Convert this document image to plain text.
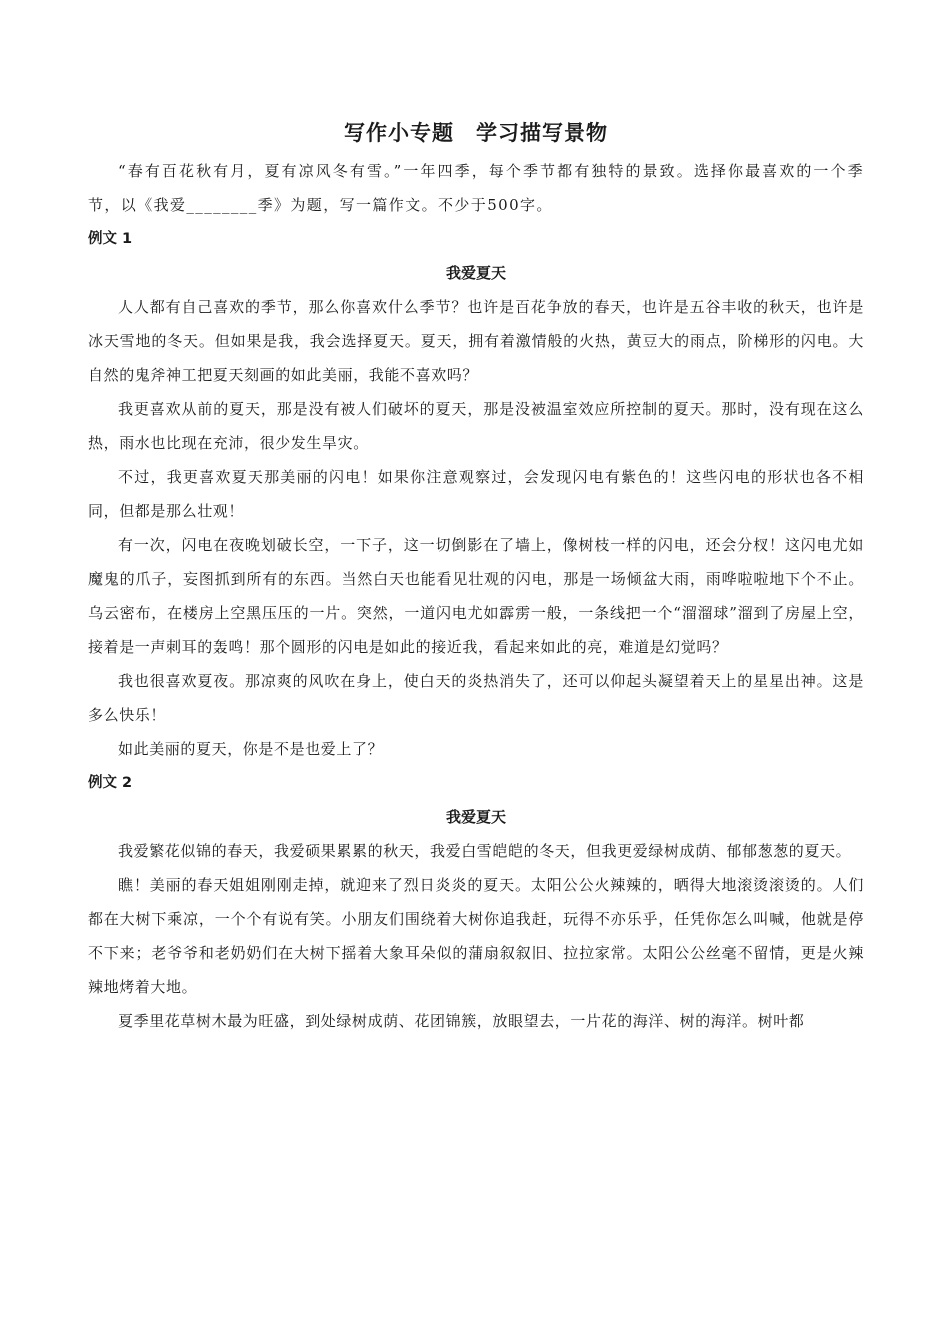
写作小专题　学习描写景物

“春有百花秋有月，夏有凉风冬有雪。”一年四季，每个季节都有独特的景致。选择你最喜欢的一个季节，以《我爱________季》为题，写一篇作文。不少于500字。

例文 1

我爱夏天

人人都有自己喜欢的季节，那么你喜欢什么季节？也许是百花争放的春天，也许是五谷丰收的秋天，也许是冰天雪地的冬天。但如果是我，我会选择夏天。夏天，拥有着激情般的火热，黄豆大的雨点，阶梯形的闪电。大自然的鬼斧神工把夏天刻画的如此美丽，我能不喜欢吗？

我更喜欢从前的夏天，那是没有被人们破坏的夏天，那是没被温室效应所控制的夏天。那时，没有现在这么热，雨水也比现在充沛，很少发生旱灾。

不过，我更喜欢夏天那美丽的闪电！如果你注意观察过，会发现闪电有紫色的！这些闪电的形状也各不相同，但都是那么壮观！

有一次，闪电在夜晚划破长空，一下子，这一切倒影在了墙上，像树枝一样的闪电，还会分杈！这闪电尤如魔鬼的爪子，妄图抓到所有的东西。当然白天也能看见壮观的闪电，那是一场倾盆大雨，雨哗啦啦地下个不止。乌云密布，在楼房上空黑压压的一片。突然，一道闪电尤如霹雳一般，一条线把一个“溜溜球”溜到了房屋上空，接着是一声刺耳的轰鸣！那个圆形的闪电是如此的接近我，看起来如此的亮，难道是幻觉吗？

我也很喜欢夏夜。那凉爽的风吹在身上，使白天的炎热消失了，还可以仰起头凝望着天上的星星出神。这是多么快乐！

如此美丽的夏天，你是不是也爱上了？

例文 2

我爱夏天

我爱繁花似锦的春天，我爱硕果累累的秋天，我爱白雪皑皑的冬天，但我更爱绿树成荫、郁郁葱葱的夏天。

瞧！美丽的春天姐姐刚刚走掉，就迎来了烈日炎炎的夏天。太阳公公火辣辣的，晒得大地滚烫滚烫的。人们都在大树下乘凉，一个个有说有笑。小朋友们围绕着大树你追我赶，玩得不亦乐乎，任凭你怎么叫喊，他就是停不下来；老爷爷和老奶奶们在大树下摇着大象耳朵似的蒲扇叙叙旧、拉拉家常。太阳公公丝毫不留情，更是火辣辣地烤着大地。

夏季里花草树木最为旺盛，到处绿树成荫、花团锦簇，放眼望去，一片花的海洋、树的海洋。树叶都
